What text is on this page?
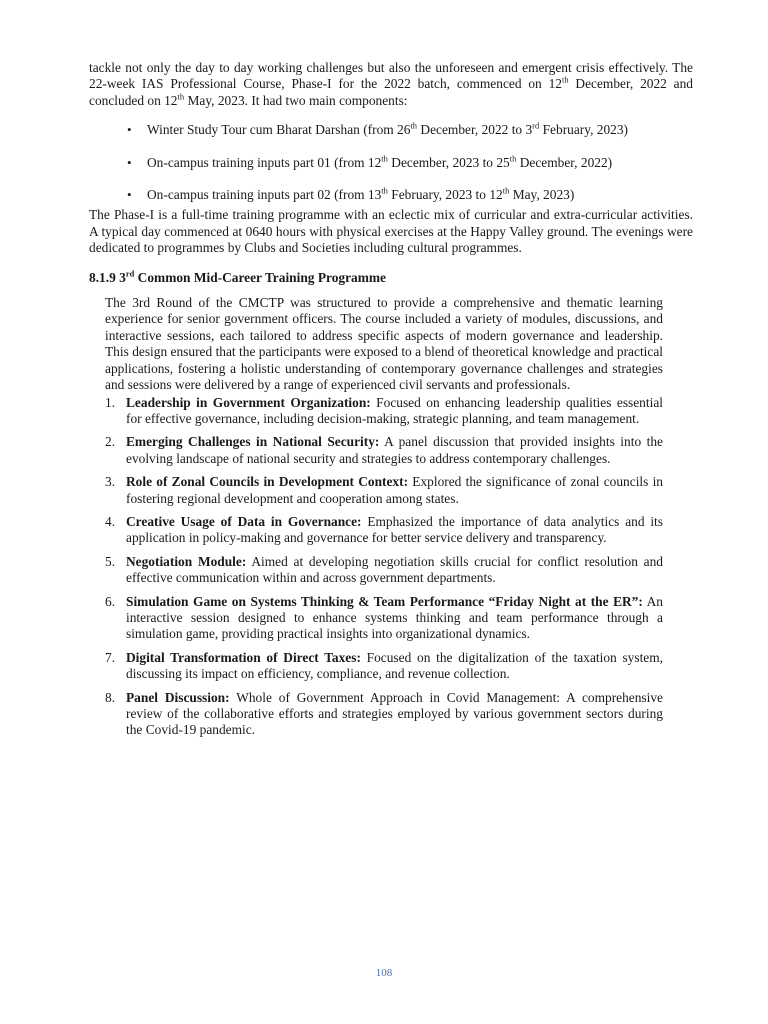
tackle not only the day to day working challenges but also the unforeseen and emergent crisis effectively. The 22-week IAS Professional Course, Phase-I for the 2022 batch, commenced on 12th December, 2022 and concluded on 12th May, 2023. It had two main components:

• Winter Study Tour cum Bharat Darshan (from 26th December, 2022 to 3rd February, 2023)
• On-campus training inputs part 01 (from 12th December, 2023 to 25th December, 2022)
• On-campus training inputs part 02 (from 13th February, 2023 to 12th May, 2023)

The Phase-I is a full-time training programme with an eclectic mix of curricular and extra-curricular activities. A typical day commenced at 0640 hours with physical exercises at the Happy Valley ground. The evenings were dedicated to programmes by Clubs and Societies including cultural programmes.

8.1.9 3rd Common Mid-Career Training Programme

The 3rd Round of the CMCTP was structured to provide a comprehensive and thematic learning experience for senior government officers. The course included a variety of modules, discussions, and interactive sessions, each tailored to address specific aspects of modern governance and leadership. This design ensured that the participants were exposed to a blend of theoretical knowledge and practical applications, fostering a holistic understanding of contemporary governance challenges and strategies and sessions were delivered by a range of experienced civil servants and professionals.

1. Leadership in Government Organization: Focused on enhancing leadership qualities essential for effective governance, including decision-making, strategic planning, and team management.
2. Emerging Challenges in National Security: A panel discussion that provided insights into the evolving landscape of national security and strategies to address contemporary challenges.
3. Role of Zonal Councils in Development Context: Explored the significance of zonal councils in fostering regional development and cooperation among states.
4. Creative Usage of Data in Governance: Emphasized the importance of data analytics and its application in policy-making and governance for better service delivery and transparency.
5. Negotiation Module: Aimed at developing negotiation skills crucial for conflict resolution and effective communication within and across government departments.
6. Simulation Game on Systems Thinking & Team Performance “Friday Night at the ER”: An interactive session designed to enhance systems thinking and team performance through a simulation game, providing practical insights into organizational dynamics.
7. Digital Transformation of Direct Taxes: Focused on the digitalization of the taxation system, discussing its impact on efficiency, compliance, and revenue collection.
8. Panel Discussion: Whole of Government Approach in Covid Management: A comprehensive review of the collaborative efforts and strategies employed by various government sectors during the Covid-19 pandemic.
108
